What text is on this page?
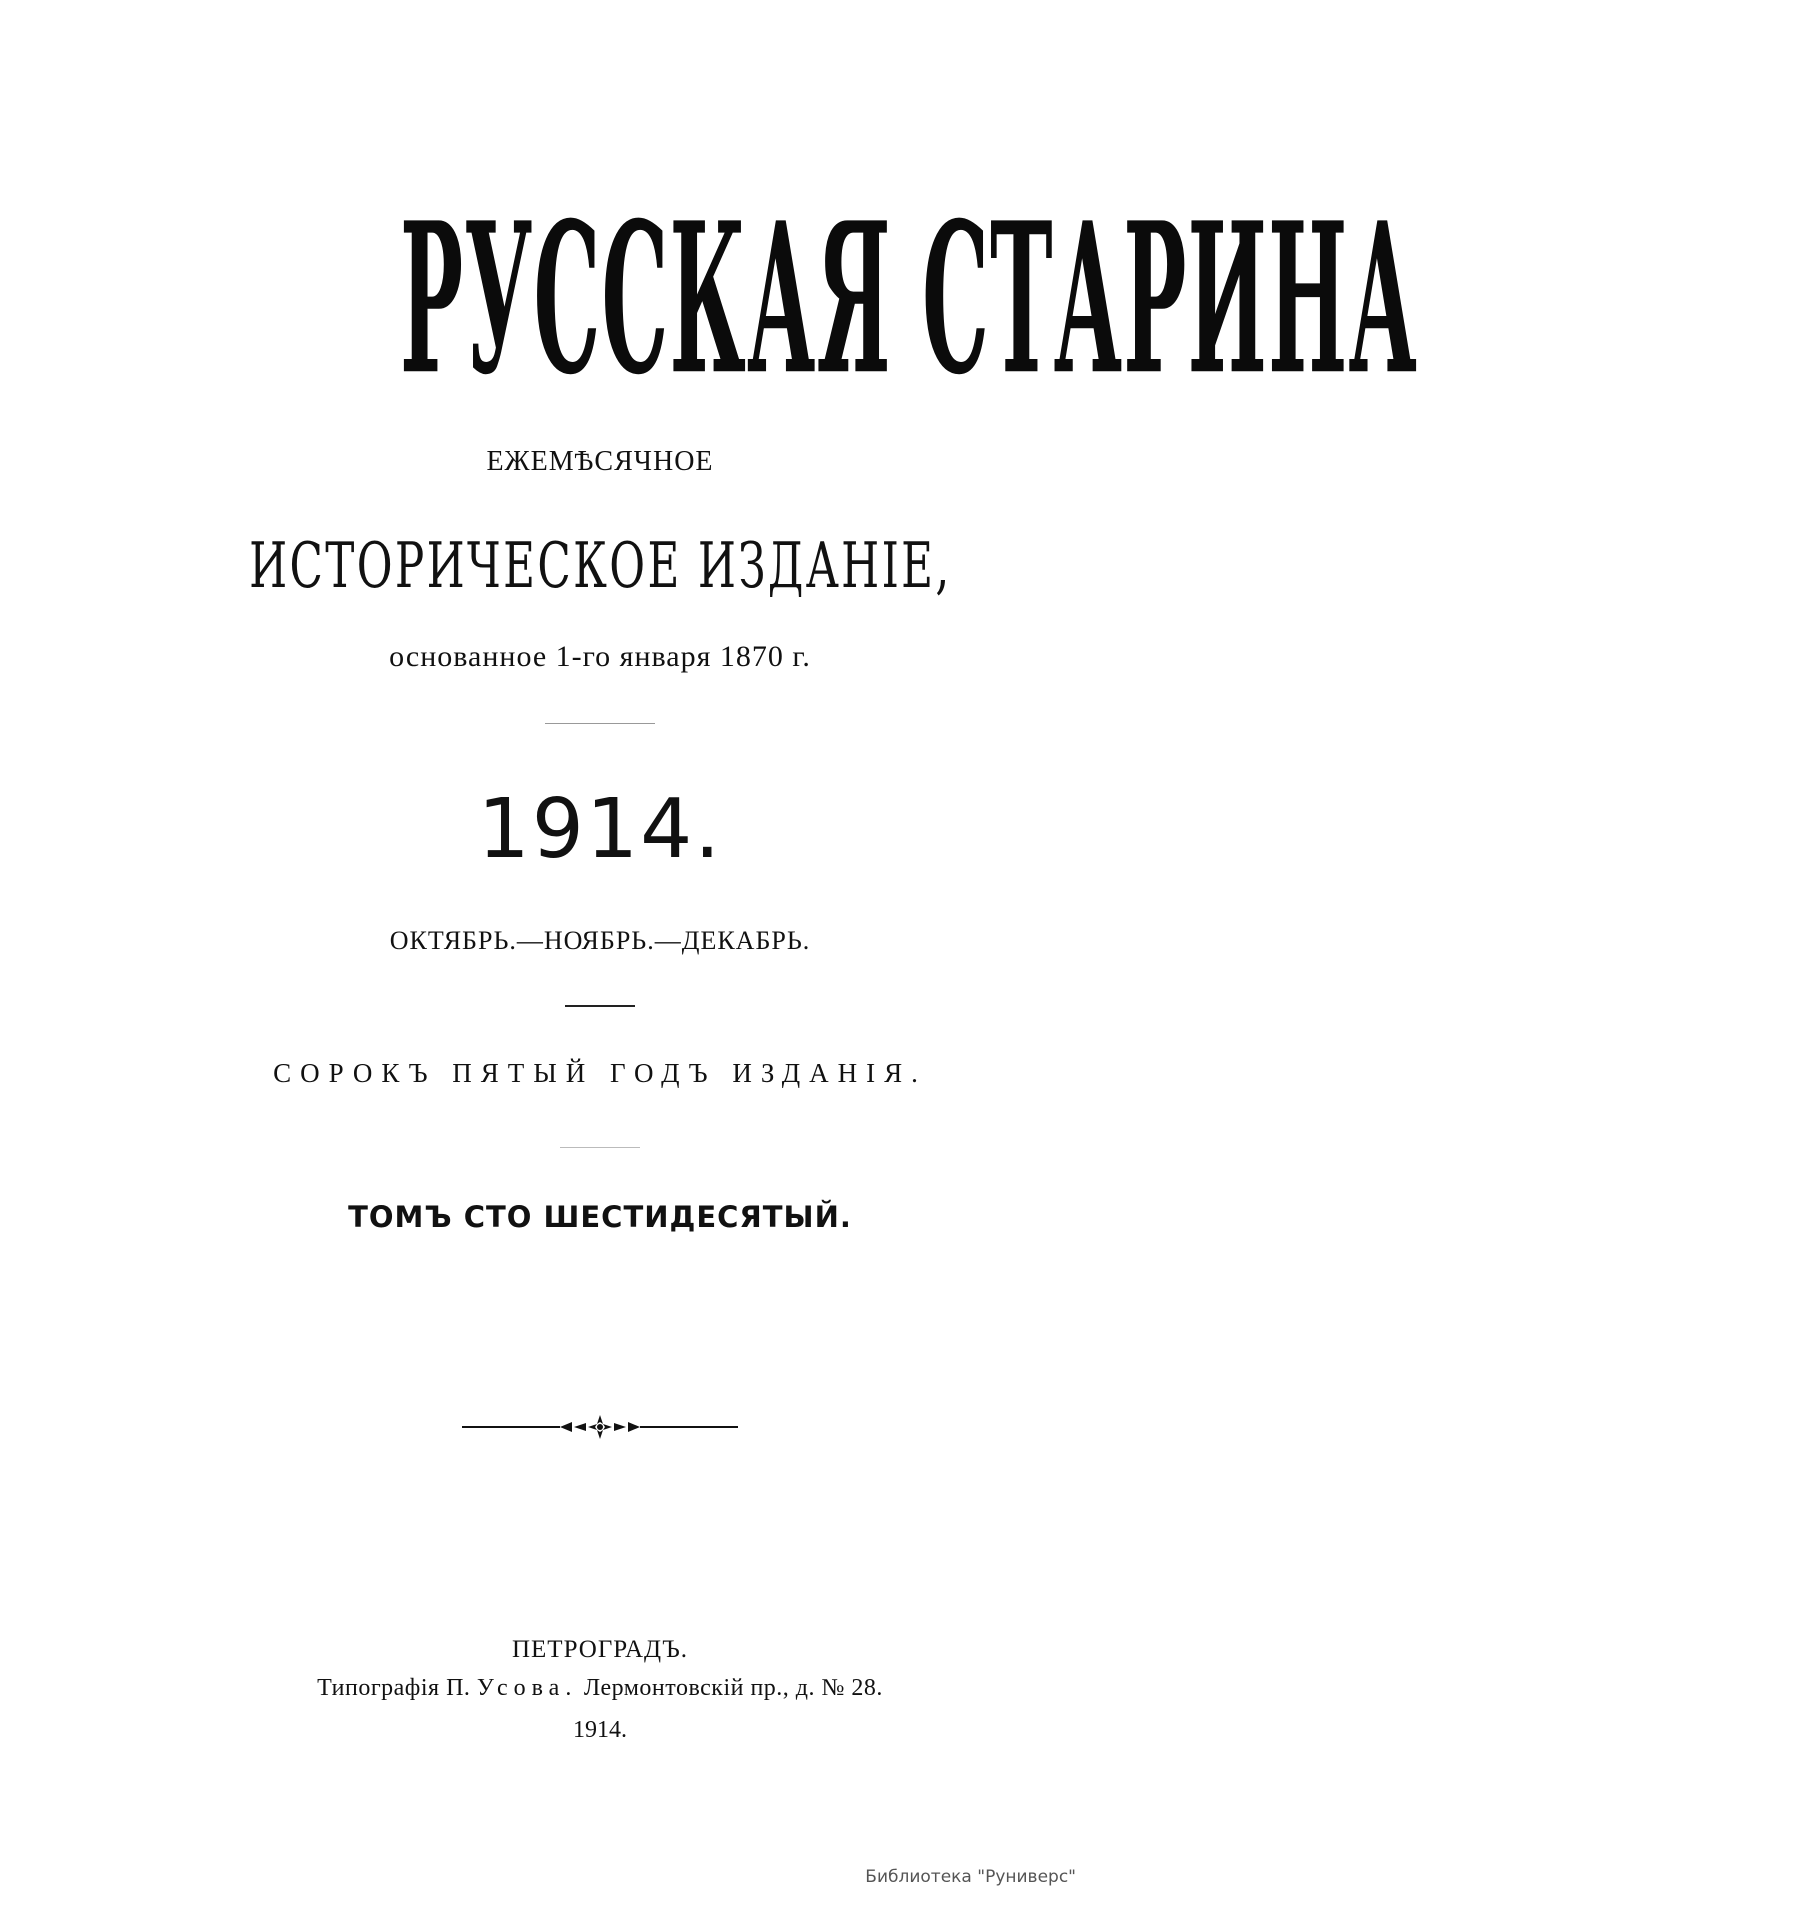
РУССКАЯ СТАРИНА
ЕЖЕМѢСЯЧНОЕ
ИСТОРИЧЕСКОЕ ИЗДАНIЕ,
основанное 1-го января 1870 г.
1914.
ОКТЯБРЬ.—НОЯБРЬ.—ДЕКАБРЬ.
СОРОКЪ ПЯТЫЙ ГОДЪ ИЗДАНIЯ.
ТОМЪ СТО ШЕСТИДЕСЯТЫЙ.
ПЕТРОГРАДЪ.
Типографiя П. Усова. Лермонтовскiй пр., д. № 28.
1914.
Библиотека "Руниверс"
